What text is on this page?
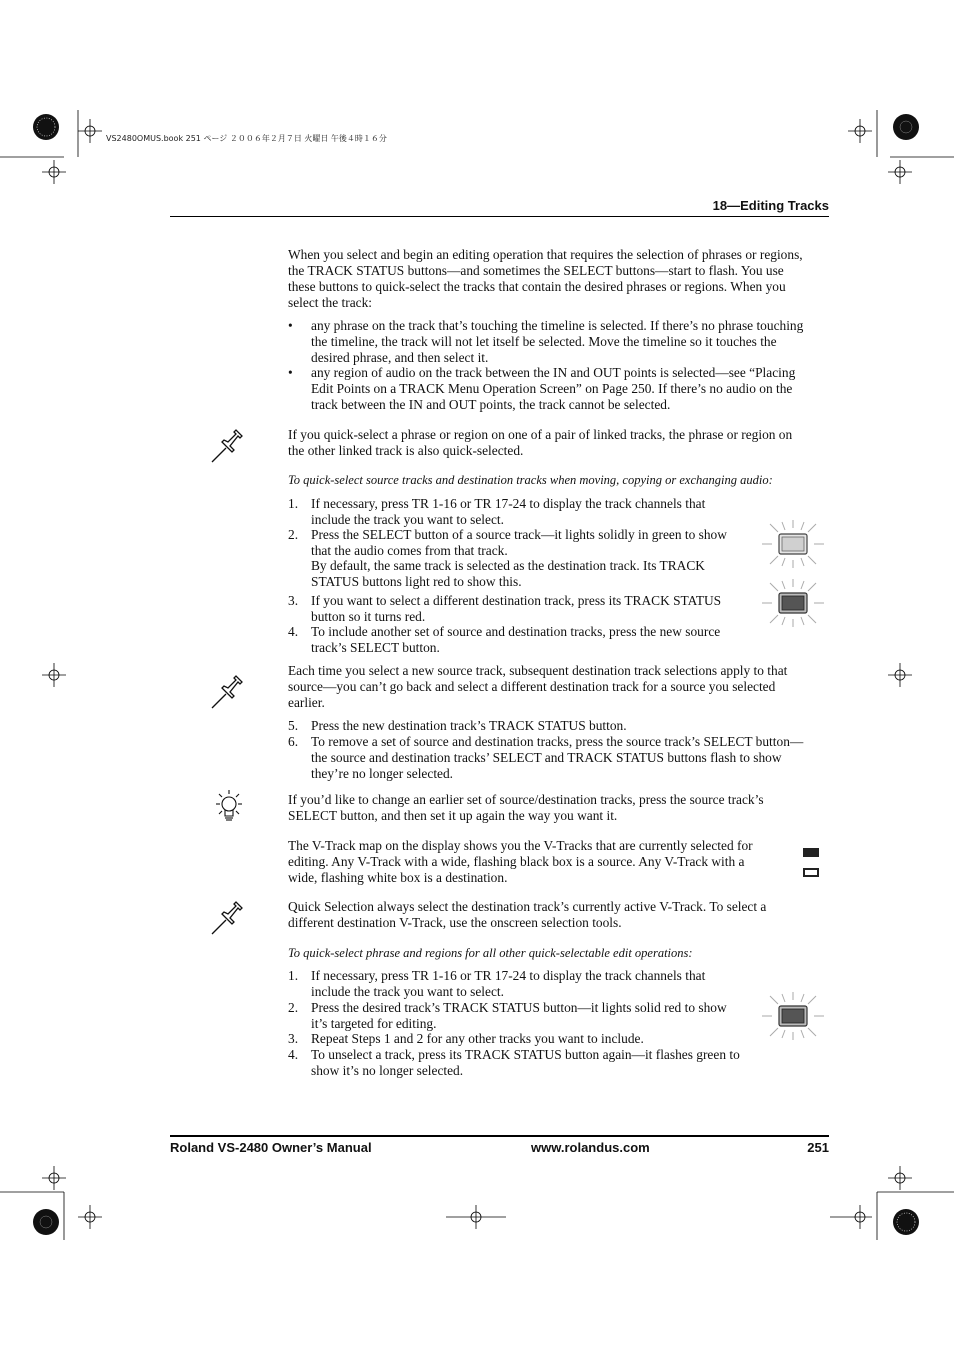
VS2480OMUS.book 251 ページ ２００６年２月７日 火曜日 午後４時１６分
18—Editing Tracks
When you select and begin an editing operation that requires the selection of phrases or regions, the TRACK STATUS buttons—and sometimes the SELECT buttons—start to flash. You use these buttons to quick-select the tracks that contain the desired phrases or regions. When you select the track:
• any phrase on the track that’s touching the timeline is selected. If there’s no phrase touching the timeline, the track will not let itself be selected. Move the timeline so it touches the desired phrase, and then select it.
• any region of audio on the track between the IN and OUT points is selected—see “Placing Edit Points on a TRACK Menu Operation Screen” on Page 250. If there’s no audio on the track between the IN and OUT points, the track cannot be selected.
If you quick-select a phrase or region on one of a pair of linked tracks, the phrase or region on the other linked track is also quick-selected.
To quick-select source tracks and destination tracks when moving, copying or exchanging audio:
1. If necessary, press TR 1-16 or TR 17-24 to display the track channels that include the track you want to select.
2. Press the SELECT button of a source track—it lights solidly in green to show that the audio comes from that track.
By default, the same track is selected as the destination track. Its TRACK STATUS buttons light red to show this.
3. If you want to select a different destination track, press its TRACK STATUS button so it turns red.
4. To include another set of source and destination tracks, press the new source track’s SELECT button.
Each time you select a new source track, subsequent destination track selections apply to that source—you can’t go back and select a different destination track for a source you selected earlier.
5. Press the new destination track’s TRACK STATUS button.
6. To remove a set of source and destination tracks, press the source track’s SELECT button—the source and destination tracks’ SELECT and TRACK STATUS buttons flash to show they’re no longer selected.
If you’d like to change an earlier set of source/destination tracks, press the source track’s SELECT button, and then set it up again the way you want it.
The V-Track map on the display shows you the V-Tracks that are currently selected for editing. Any V-Track with a wide, flashing black box is a source. Any V-Track with a wide, flashing white box is a destination.
Quick Selection always select the destination track’s currently active V-Track. To select a different destination V-Track, use the onscreen selection tools.
To quick-select phrase and regions for all other quick-selectable edit operations:
1. If necessary, press TR 1-16 or TR 17-24 to display the track channels that include the track you want to select.
2. Press the desired track’s TRACK STATUS button—it lights solid red to show it’s targeted for editing.
3. Repeat Steps 1 and 2 for any other tracks you want to include.
4. To unselect a track, press its TRACK STATUS button again—it flashes green to show it’s no longer selected.
Roland VS-2480 Owner’s Manual	www.rolandus.com	251
